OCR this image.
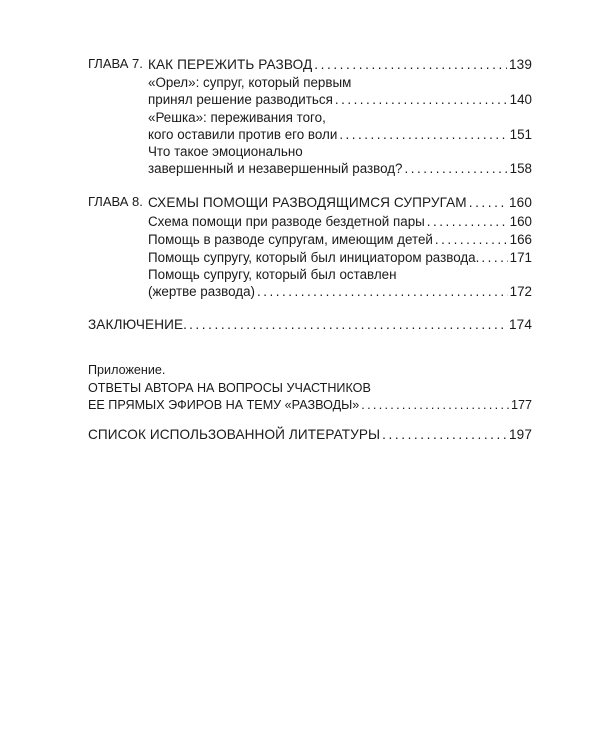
ГЛАВА 7. КАК ПЕРЕЖИТЬ РАЗВОД . . .	139
«Орел»: супруг, который первым
принял решение разводиться . . .	140
«Решка»: переживания того,
кого оставили против его воли . . .	151
Что такое эмоционально
завершенный и незавершенный развод? . . .	158
ГЛАВА 8. СХЕМЫ ПОМОЩИ РАЗВОДЯЩИМСЯ СУПРУГАМ . . .	160
Схема помощи при разводе бездетной пары . . .	160
Помощь в разводе супругам, имеющим детей . . .	166
Помощь супругу, который был инициатором развода. . . . 171
Помощь супругу, который был оставлен
(жертве развода) . . .	172
ЗАКЛЮЧЕНИЕ. . . .	174
Приложение.
ОТВЕТЫ АВТОРА НА ВОПРОСЫ УЧАСТНИКОВ
ЕЕ ПРЯМЫХ ЭФИРОВ НА ТЕМУ «РАЗВОДЫ» . . .	177
СПИСОК ИСПОЛЬЗОВАННОЙ ЛИТЕРАТУРЫ . . .	197
